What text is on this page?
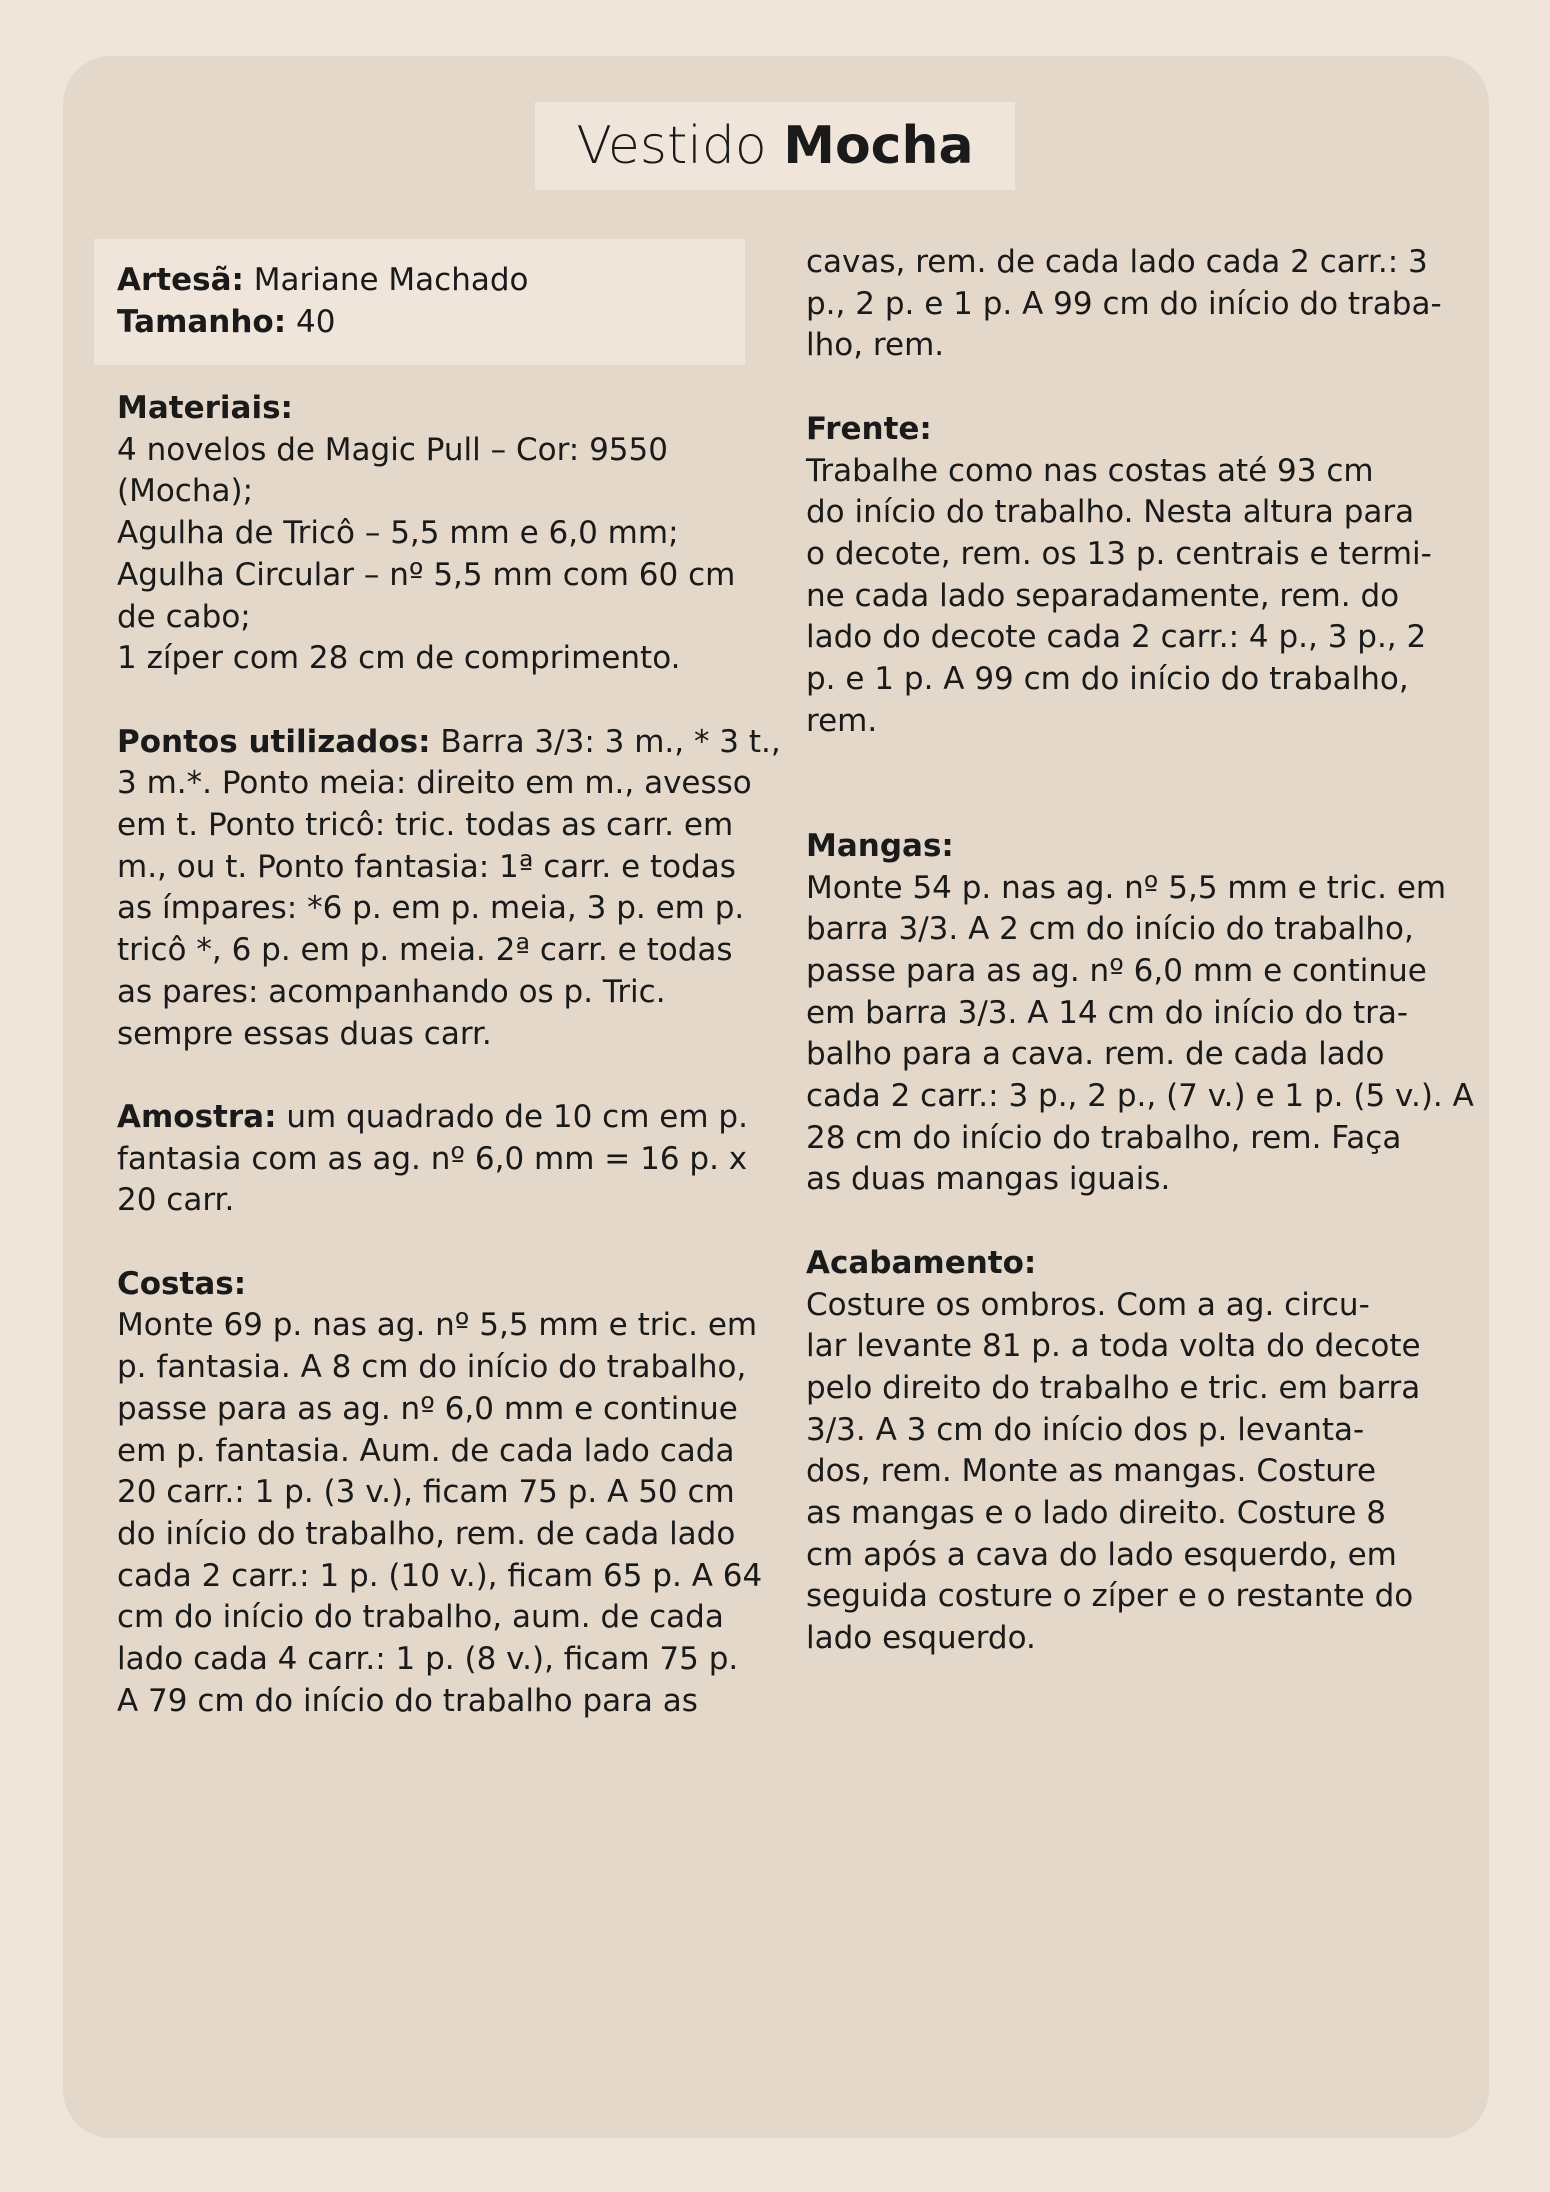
Vestido
Mocha
Artesã: Mariane Machado
Tamanho: 40
Materiais:
4 novelos de Magic Pull – Cor: 9550
(Mocha);
Agulha de Tricô – 5,5 mm e 6,0 mm;
Agulha Circular – nº 5,5 mm com 60 cm
de cabo;
1 zíper com 28 cm de comprimento.
Pontos utilizados: Barra 3/3: 3 m., * 3 t.,
3 m.*. Ponto meia: direito em m., avesso
em t. Ponto tricô: tric. todas as carr. em
m., ou t. Ponto fantasia: 1ª carr. e todas
as ímpares: *6 p. em p. meia, 3 p. em p.
tricô *, 6 p. em p. meia. 2ª carr. e todas
as pares: acompanhando os p. Tric.
sempre essas duas carr.
Amostra: um quadrado de 10 cm em p.
fantasia com as ag. nº 6,0 mm = 16 p. x
20 carr.
Costas:
Monte 69 p. nas ag. nº 5,5 mm e tric. em
p. fantasia. A 8 cm do início do trabalho,
passe para as ag. nº 6,0 mm e continue
em p. fantasia. Aum. de cada lado cada
20 carr.: 1 p. (3 v.), ficam 75 p. A 50 cm
do início do trabalho, rem. de cada lado
cada 2 carr.: 1 p. (10 v.), ficam 65 p. A 64
cm do início do trabalho, aum. de cada
lado cada 4 carr.: 1 p. (8 v.), ficam 75 p.
A 79 cm do início do trabalho para as
cavas, rem. de cada lado cada 2 carr.: 3
p., 2 p. e 1 p. A 99 cm do início do traba-
lho, rem.
Frente:
Trabalhe como nas costas até 93 cm
do início do trabalho. Nesta altura para
o decote, rem. os 13 p. centrais e termi-
ne cada lado separadamente, rem. do
lado do decote cada 2 carr.: 4 p., 3 p., 2
p. e 1 p. A 99 cm do início do trabalho,
rem.
Mangas:
Monte 54 p. nas ag. nº 5,5 mm e tric. em
barra 3/3. A 2 cm do início do trabalho,
passe para as ag. nº 6,0 mm e continue
em barra 3/3. A 14 cm do início do tra-
balho para a cava. rem. de cada lado
cada 2 carr.: 3 p., 2 p., (7 v.) e 1 p. (5 v.). A
28 cm do início do trabalho, rem. Faça
as duas mangas iguais.
Acabamento:
Costure os ombros. Com a ag. circu-
lar levante 81 p. a toda volta do decote
pelo direito do trabalho e tric. em barra
3/3. A 3 cm do início dos p. levanta-
dos, rem. Monte as mangas. Costure
as mangas e o lado direito. Costure 8
cm após a cava do lado esquerdo, em
seguida costure o zíper e o restante do
lado esquerdo.
